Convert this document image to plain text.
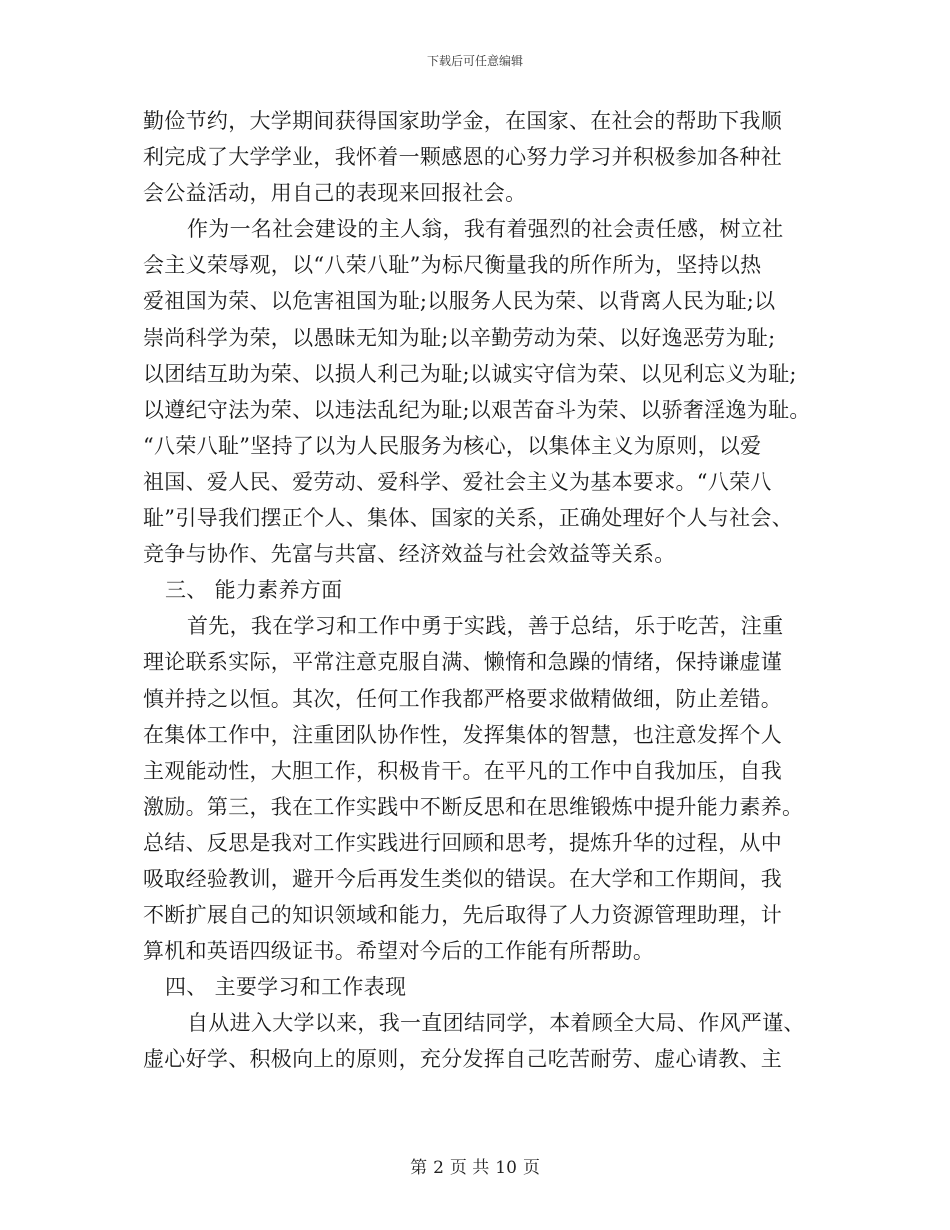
下载后可任意编辑
勤俭节约，大学期间获得国家助学金，在国家、在社会的帮助下我顺
利完成了大学学业，我怀着一颗感恩的心努力学习并积极参加各种社
会公益活动，用自己的表现来回报社会。
作为一名社会建设的主人翁，我有着强烈的社会责任感，树立社
会主义荣辱观，以“八荣八耻”为标尺衡量我的所作所为，坚持以热
爱祖国为荣、以危害祖国为耻;以服务人民为荣、以背离人民为耻;以
崇尚科学为荣，以愚昧无知为耻;以辛勤劳动为荣、以好逸恶劳为耻;
以团结互助为荣、以损人利己为耻;以诚实守信为荣、以见利忘义为耻;
以遵纪守法为荣、以违法乱纪为耻;以艰苦奋斗为荣、以骄奢淫逸为耻。
“八荣八耻”坚持了以为人民服务为核心，以集体主义为原则，以爱
祖国、爱人民、爱劳动、爱科学、爱社会主义为基本要求。“八荣八
耻”引导我们摆正个人、集体、国家的关系，正确处理好个人与社会、
竞争与协作、先富与共富、经济效益与社会效益等关系。
三、 能力素养方面
首先，我在学习和工作中勇于实践，善于总结，乐于吃苦，注重
理论联系实际，平常注意克服自满、懒惰和急躁的情绪，保持谦虚谨
慎并持之以恒。其次，任何工作我都严格要求做精做细，防止差错。
在集体工作中，注重团队协作性，发挥集体的智慧，也注意发挥个人
主观能动性，大胆工作，积极肯干。在平凡的工作中自我加压，自我
激励。第三，我在工作实践中不断反思和在思维锻炼中提升能力素养。
总结、反思是我对工作实践进行回顾和思考，提炼升华的过程，从中
吸取经验教训，避开今后再发生类似的错误。在大学和工作期间，我
不断扩展自己的知识领域和能力，先后取得了人力资源管理助理，计
算机和英语四级证书。希望对今后的工作能有所帮助。
四、 主要学习和工作表现
自从进入大学以来，我一直团结同学，本着顾全大局、作风严谨、
虚心好学、积极向上的原则，充分发挥自己吃苦耐劳、虚心请教、主
第 2 页 共 10 页
